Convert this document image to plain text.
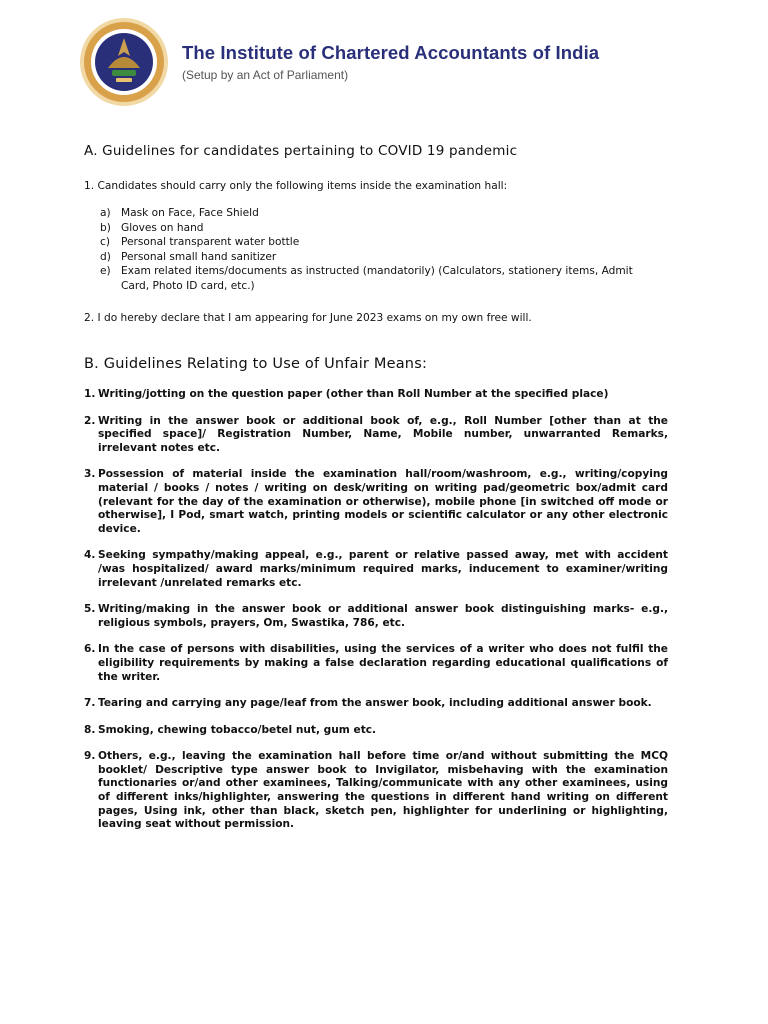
The Institute of Chartered Accountants of India
(Setup by an Act of Parliament)
A. Guidelines for candidates pertaining to COVID 19 pandemic
1. Candidates should carry only the following items inside the examination hall:
a) Mask on Face, Face Shield
b) Gloves on hand
c)	Personal transparent water bottle
d) Personal small hand sanitizer
e) Exam related items/documents as instructed (mandatorily) (Calculators, stationery items, Admit Card, Photo ID card, etc.)
2. I do hereby declare that I am appearing for June 2023 exams on my own free will.
B. Guidelines Relating to Use of Unfair Means:
1. Writing/jotting on the question paper (other than Roll Number at the specified place)
2. Writing in the answer book or additional book of, e.g., Roll Number [other than at the specified space]/ Registration Number, Name, Mobile number, unwarranted Remarks, irrelevant notes etc.
3. Possession of material inside the examination hall/room/washroom, e.g., writing/copying material / books / notes / writing on desk/writing on writing pad/geometric box/admit card (relevant for the day of the examination or otherwise), mobile phone [in switched off mode or otherwise], I Pod, smart watch, printing models or scientific calculator or any other electronic device.
4. Seeking sympathy/making appeal, e.g., parent or relative passed away, met with accident /was hospitalized/ award marks/minimum required marks, inducement to examiner/writing irrelevant /unrelated remarks etc.
5. Writing/making in the answer book or additional answer book distinguishing marks- e.g., religious symbols, prayers, Om, Swastika, 786, etc.
6. In the case of persons with disabilities, using the services of a writer who does not fulfil the eligibility requirements by making a false declaration regarding educational qualifications of the writer.
7. Tearing and carrying any page/leaf from the answer book, including additional answer book.
8. Smoking, chewing tobacco/betel nut, gum etc.
9. Others, e.g., leaving the examination hall before time or/and without submitting the MCQ booklet/ Descriptive type answer book to Invigilator, misbehaving with the examination functionaries or/and other examinees, Talking/communicate with any other examinees, using of different inks/highlighter, answering the questions in different hand writing on different pages, Using ink, other than black, sketch pen, highlighter for underlining or highlighting, leaving seat without permission.
